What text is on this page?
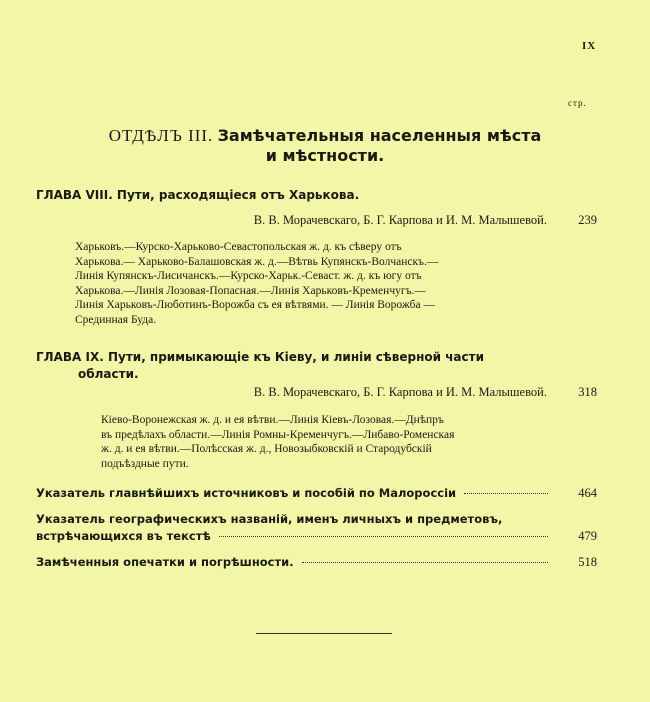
IX
стр.
ОТДѢЛЪ III. Замѣчательныя населенныя мѣста
и мѣстности.
ГЛАВА VIII. Пути, расходящіеся отъ Харькова.
В. В. Морачевскаго, Б. Г. Карпова и И. М. Малышевой.	239
Харьковъ.—Курско-Харьково-Севастопольская ж. д. къ сѣверу отъ
Харькова.— Харьково-Балашовская ж. д.—Вѣтвь Купянскъ-Волчанскъ.—
Линія Купянскъ-Лисичанскъ.—Курско-Харьк.-Севаст. ж. д. къ югу отъ
Харькова.—Линія Лозовая-Попасная.—Линія Харьковъ-Кременчугъ.—
Линія Харьковъ-Люботинъ-Ворожба съ ея вѣтвями. — Линія Ворожба —
Срединная Буда.
ГЛАВА IX. Пути, примыкающіе къ Кіеву, и линіи сѣверной части
области.
В. В. Морачевскаго, Б. Г. Карпова и И. М. Малышевой.	318
Кіево-Воронежская ж. д. и ея вѣтви.—Линія Кіевъ-Лозовая.—Днѣпръ
въ предѣлахъ области.—Линія Ромны-Кременчугъ.—Либаво-Роменская
ж. д. и ея вѣтви.—Полѣсская ж. д., Новозыбковскій и Стародубскій
подъѣздные пути.
Указатель главнѣйшихъ источниковъ и пособій по Малороссіи	464
Указатель географическихъ названій, именъ личныхъ и предметовъ,
встрѣчающихся въ текстѣ	479
Замѣченныя опечатки и погрѣшности.	518
